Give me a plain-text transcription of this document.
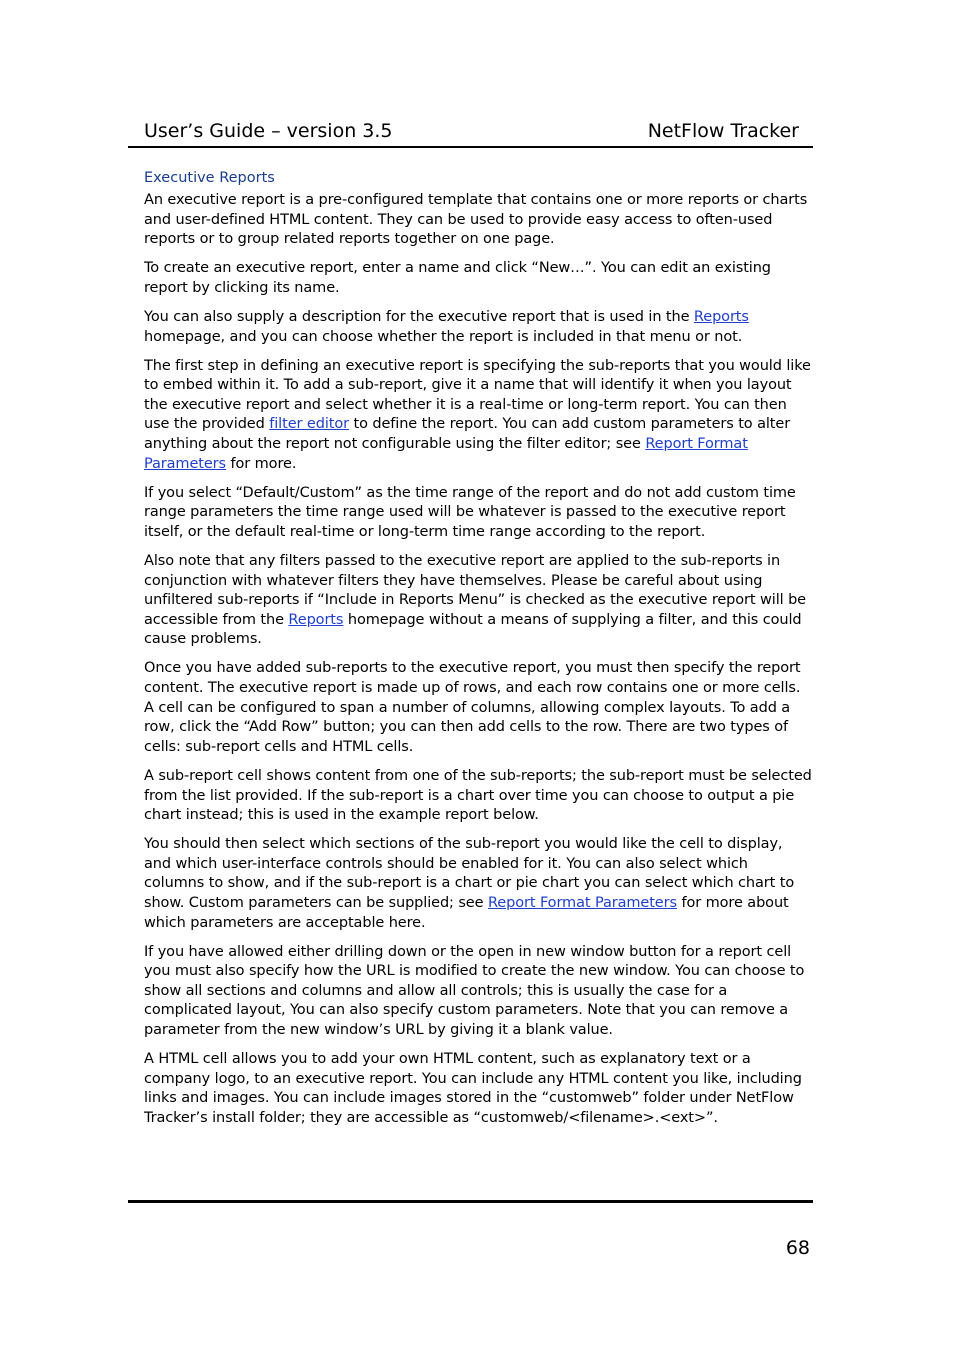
User’s Guide – version 3.5	NetFlow Tracker
Executive Reports

An executive report is a pre-configured template that contains one or more reports or charts and user-defined HTML content. They can be used to provide easy access to often-used reports or to group related reports together on one page.

To create an executive report, enter a name and click “New…”. You can edit an existing report by clicking its name.

You can also supply a description for the executive report that is used in the Reports homepage, and you can choose whether the report is included in that menu or not.

The first step in defining an executive report is specifying the sub-reports that you would like to embed within it. To add a sub-report, give it a name that will identify it when you layout the executive report and select whether it is a real-time or long-term report. You can then use the provided filter editor to define the report. You can add custom parameters to alter anything about the report not configurable using the filter editor; see Report Format Parameters for more.

If you select “Default/Custom” as the time range of the report and do not add custom time range parameters the time range used will be whatever is passed to the executive report itself, or the default real-time or long-term time range according to the report.

Also note that any filters passed to the executive report are applied to the sub-reports in conjunction with whatever filters they have themselves. Please be careful about using unfiltered sub-reports if “Include in Reports Menu” is checked as the executive report will be accessible from the Reports homepage without a means of supplying a filter, and this could cause problems.

Once you have added sub-reports to the executive report, you must then specify the report content. The executive report is made up of rows, and each row contains one or more cells. A cell can be configured to span a number of columns, allowing complex layouts. To add a row, click the “Add Row” button; you can then add cells to the row. There are two types of cells: sub-report cells and HTML cells.

A sub-report cell shows content from one of the sub-reports; the sub-report must be selected from the list provided. If the sub-report is a chart over time you can choose to output a pie chart instead; this is used in the example report below.

You should then select which sections of the sub-report you would like the cell to display, and which user-interface controls should be enabled for it. You can also select which columns to show, and if the sub-report is a chart or pie chart you can select which chart to show. Custom parameters can be supplied; see Report Format Parameters for more about which parameters are acceptable here.

If you have allowed either drilling down or the open in new window button for a report cell you must also specify how the URL is modified to create the new window. You can choose to show all sections and columns and allow all controls; this is usually the case for a complicated layout, You can also specify custom parameters. Note that you can remove a parameter from the new window’s URL by giving it a blank value.

A HTML cell allows you to add your own HTML content, such as explanatory text or a company logo, to an executive report. You can include any HTML content you like, including links and images. You can include images stored in the “customweb” folder under NetFlow Tracker’s install folder; they are accessible as “customweb/<filename>.<ext>”.

68
